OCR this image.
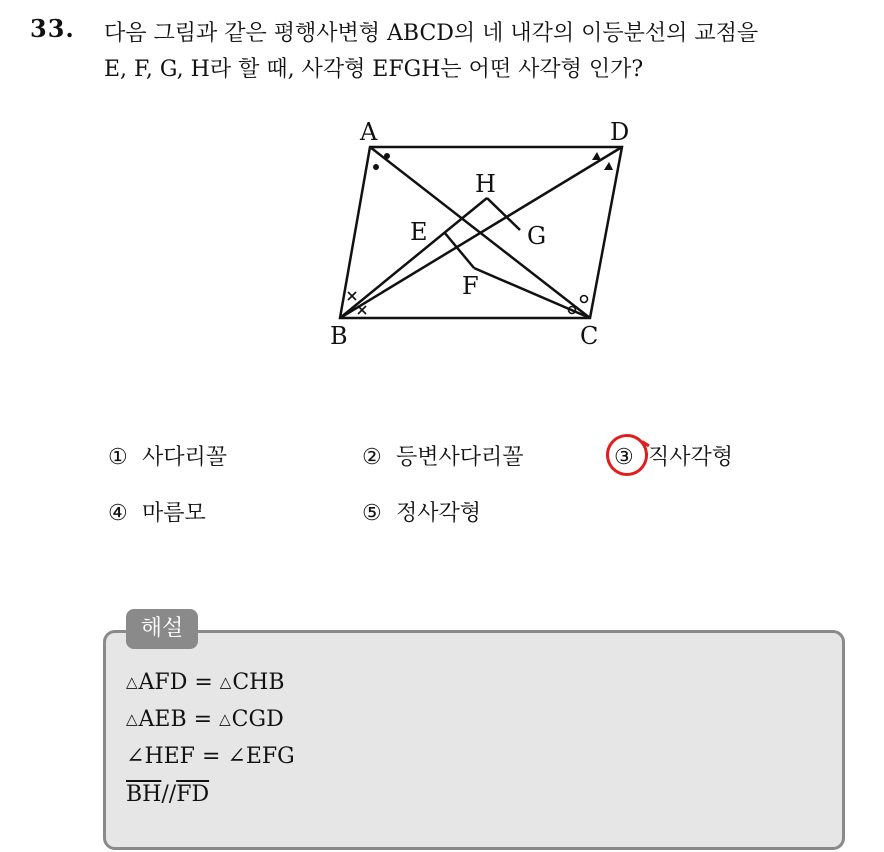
33. 다음 그림과 같은 평행사변형 ABCD의 네 내각의 이등분선의 교점을
E, F, G, H라 할 때, 사각형 EFGH는 어떤 사각형 인가?
A	D
B	C
H
E	G
F
① 사다리꼴	② 등변사다리꼴	③ 직사각형
④ 마름모	⑤ 정사각형
해설
△AFD = △CHB
△AEB = △CGD
∠HEF = ∠EFG
$\overline{BH}//\overline{FD}$
